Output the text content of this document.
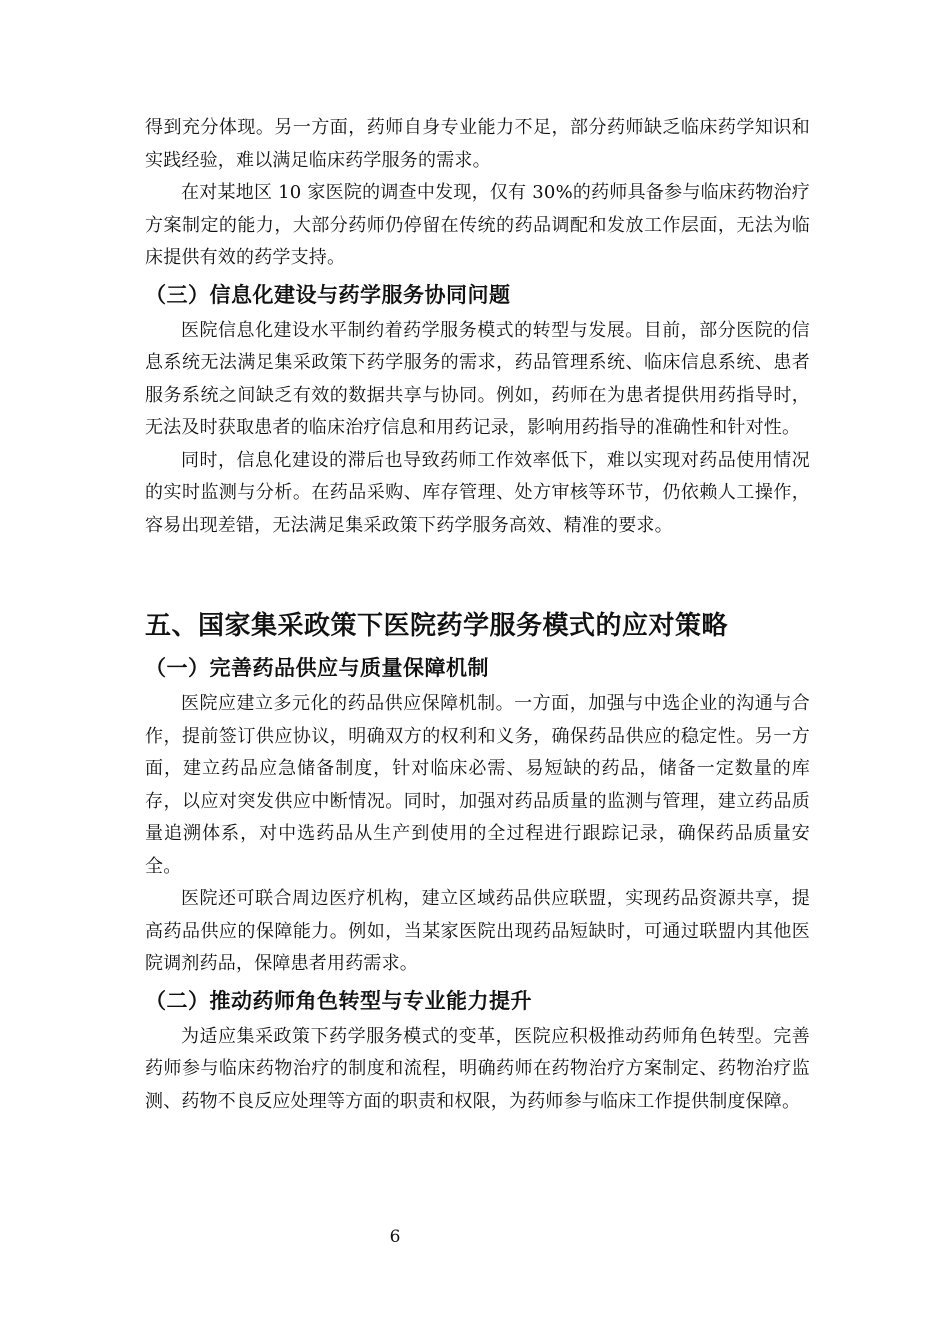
得到充分体现。另一方面，药师自身专业能力不足，部分药师缺乏临床药学知识和实践经验，难以满足临床药学服务的需求。

在对某地区 10 家医院的调查中发现，仅有 30%的药师具备参与临床药物治疗方案制定的能力，大部分药师仍停留在传统的药品调配和发放工作层面，无法为临床提供有效的药学支持。

（三）信息化建设与药学服务协同问题

医院信息化建设水平制约着药学服务模式的转型与发展。目前，部分医院的信息系统无法满足集采政策下药学服务的需求，药品管理系统、临床信息系统、患者服务系统之间缺乏有效的数据共享与协同。例如，药师在为患者提供用药指导时，无法及时获取患者的临床治疗信息和用药记录，影响用药指导的准确性和针对性。

同时，信息化建设的滞后也导致药师工作效率低下，难以实现对药品使用情况的实时监测与分析。在药品采购、库存管理、处方审核等环节，仍依赖人工操作，容易出现差错，无法满足集采政策下药学服务高效、精准的要求。

五、国家集采政策下医院药学服务模式的应对策略
（一）完善药品供应与质量保障机制

医院应建立多元化的药品供应保障机制。一方面，加强与中选企业的沟通与合作，提前签订供应协议，明确双方的权利和义务，确保药品供应的稳定性。另一方面，建立药品应急储备制度，针对临床必需、易短缺的药品，储备一定数量的库存，以应对突发供应中断情况。同时，加强对药品质量的监测与管理，建立药品质量追溯体系，对中选药品从生产到使用的全过程进行跟踪记录，确保药品质量安全。

医院还可联合周边医疗机构，建立区域药品供应联盟，实现药品资源共享，提高药品供应的保障能力。例如，当某家医院出现药品短缺时，可通过联盟内其他医院调剂药品，保障患者用药需求。

（二）推动药师角色转型与专业能力提升

为适应集采政策下药学服务模式的变革，医院应积极推动药师角色转型。完善药师参与临床药物治疗的制度和流程，明确药师在药物治疗方案制定、药物治疗监测、药物不良反应处理等方面的职责和权限，为药师参与临床工作提供制度保障。

6
